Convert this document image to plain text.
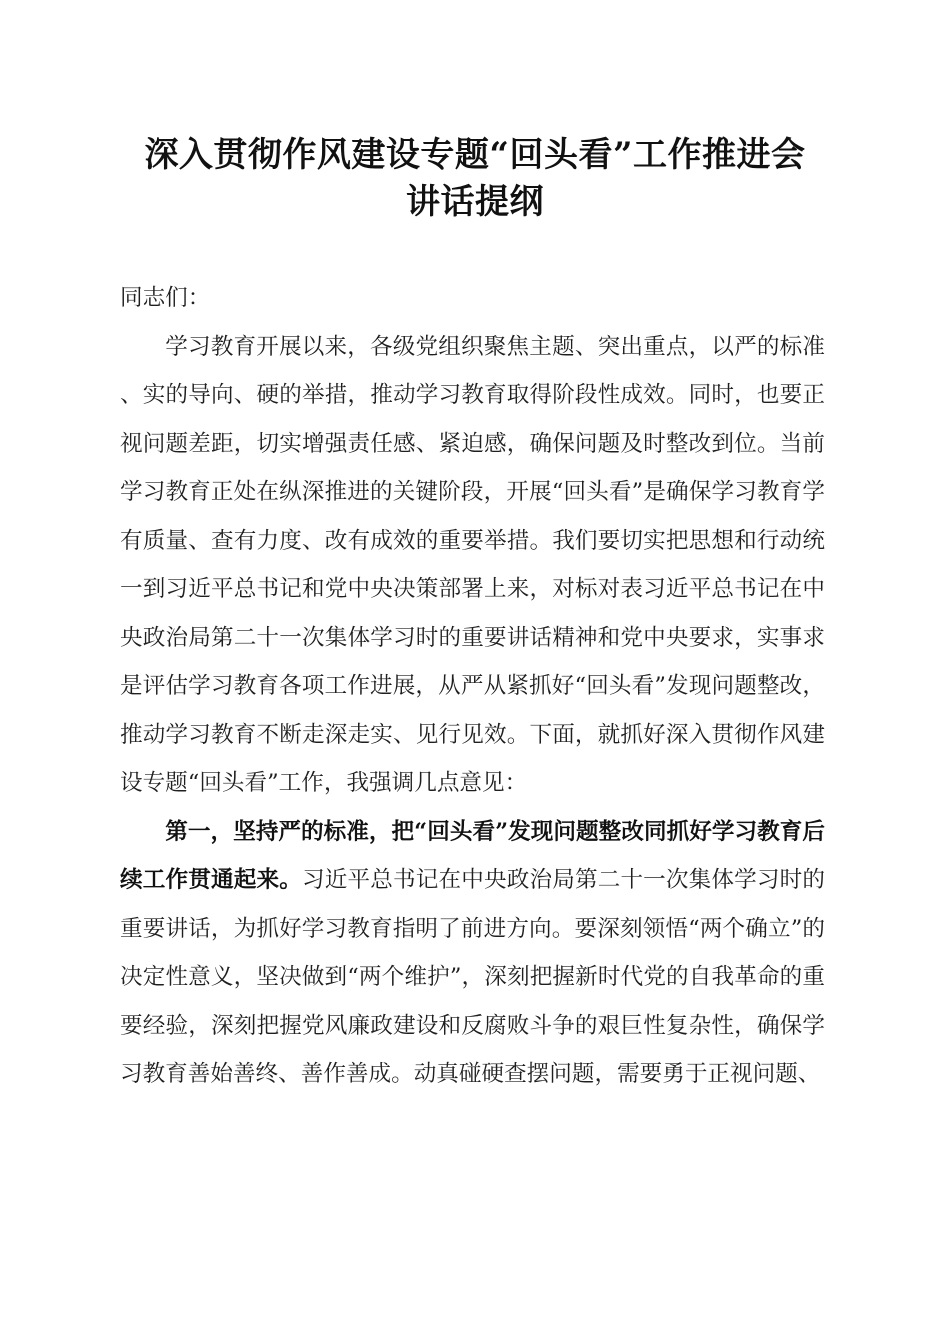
深入贯彻作风建设专题“回头看”工作推进会
讲话提纲

同志们：

学习教育开展以来，各级党组织聚焦主题、突出重点，以严的标准、实的导向、硬的举措，推动学习教育取得阶段性成效。同时，也要正视问题差距，切实增强责任感、紧迫感，确保问题及时整改到位。当前学习教育正处在纵深推进的关键阶段，开展“回头看”是确保学习教育学有质量、查有力度、改有成效的重要举措。我们要切实把思想和行动统一到习近平总书记和党中央决策部署上来，对标对表习近平总书记在中央政治局第二十一次集体学习时的重要讲话精神和党中央要求，实事求是评估学习教育各项工作进展，从严从紧抓好“回头看”发现问题整改，推动学习教育不断走深走实、见行见效。下面，就抓好深入贯彻作风建设专题“回头看”工作，我强调几点意见：

第一，坚持严的标准，把“回头看”发现问题整改同抓好学习教育后续工作贯通起来。习近平总书记在中央政治局第二十一次集体学习时的重要讲话，为抓好学习教育指明了前进方向。要深刻领悟“两个确立”的决定性意义，坚决做到“两个维护”，深刻把握新时代党的自我革命的重要经验，深刻把握党风廉政建设和反腐败斗争的艰巨性复杂性，确保学习教育善始善终、善作善成。动真碰硬查摆问题，需要勇于正视问题、
